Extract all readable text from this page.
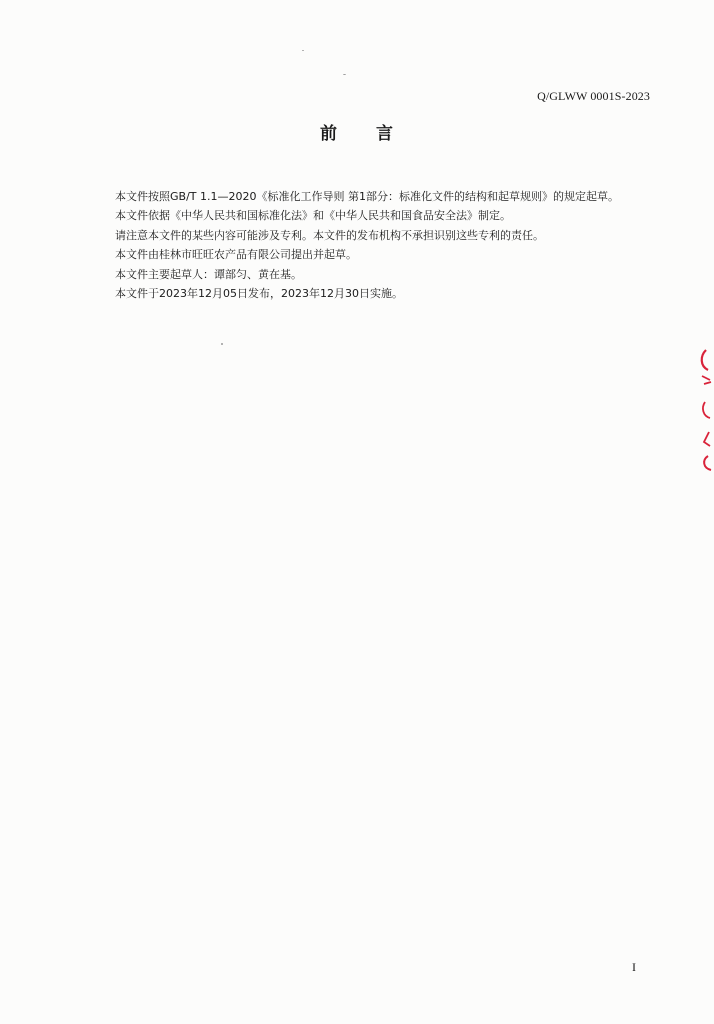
Q/GLWW 0001S-2023
前 言

本文件按照GB/T 1.1—2020《标准化工作导则 第1部分：标准化文件的结构和起草规则》的规定起草。

本文件依据《中华人民共和国标准化法》和《中华人民共和国食品安全法》制定。

请注意本文件的某些内容可能涉及专利。本文件的发布机构不承担识别这些专利的责任。

本文件由桂林市旺旺农产品有限公司提出并起草。

本文件主要起草人：谭部匀、黄在基。

本文件于2023年12月05日发布，2023年12月30日实施。

I
